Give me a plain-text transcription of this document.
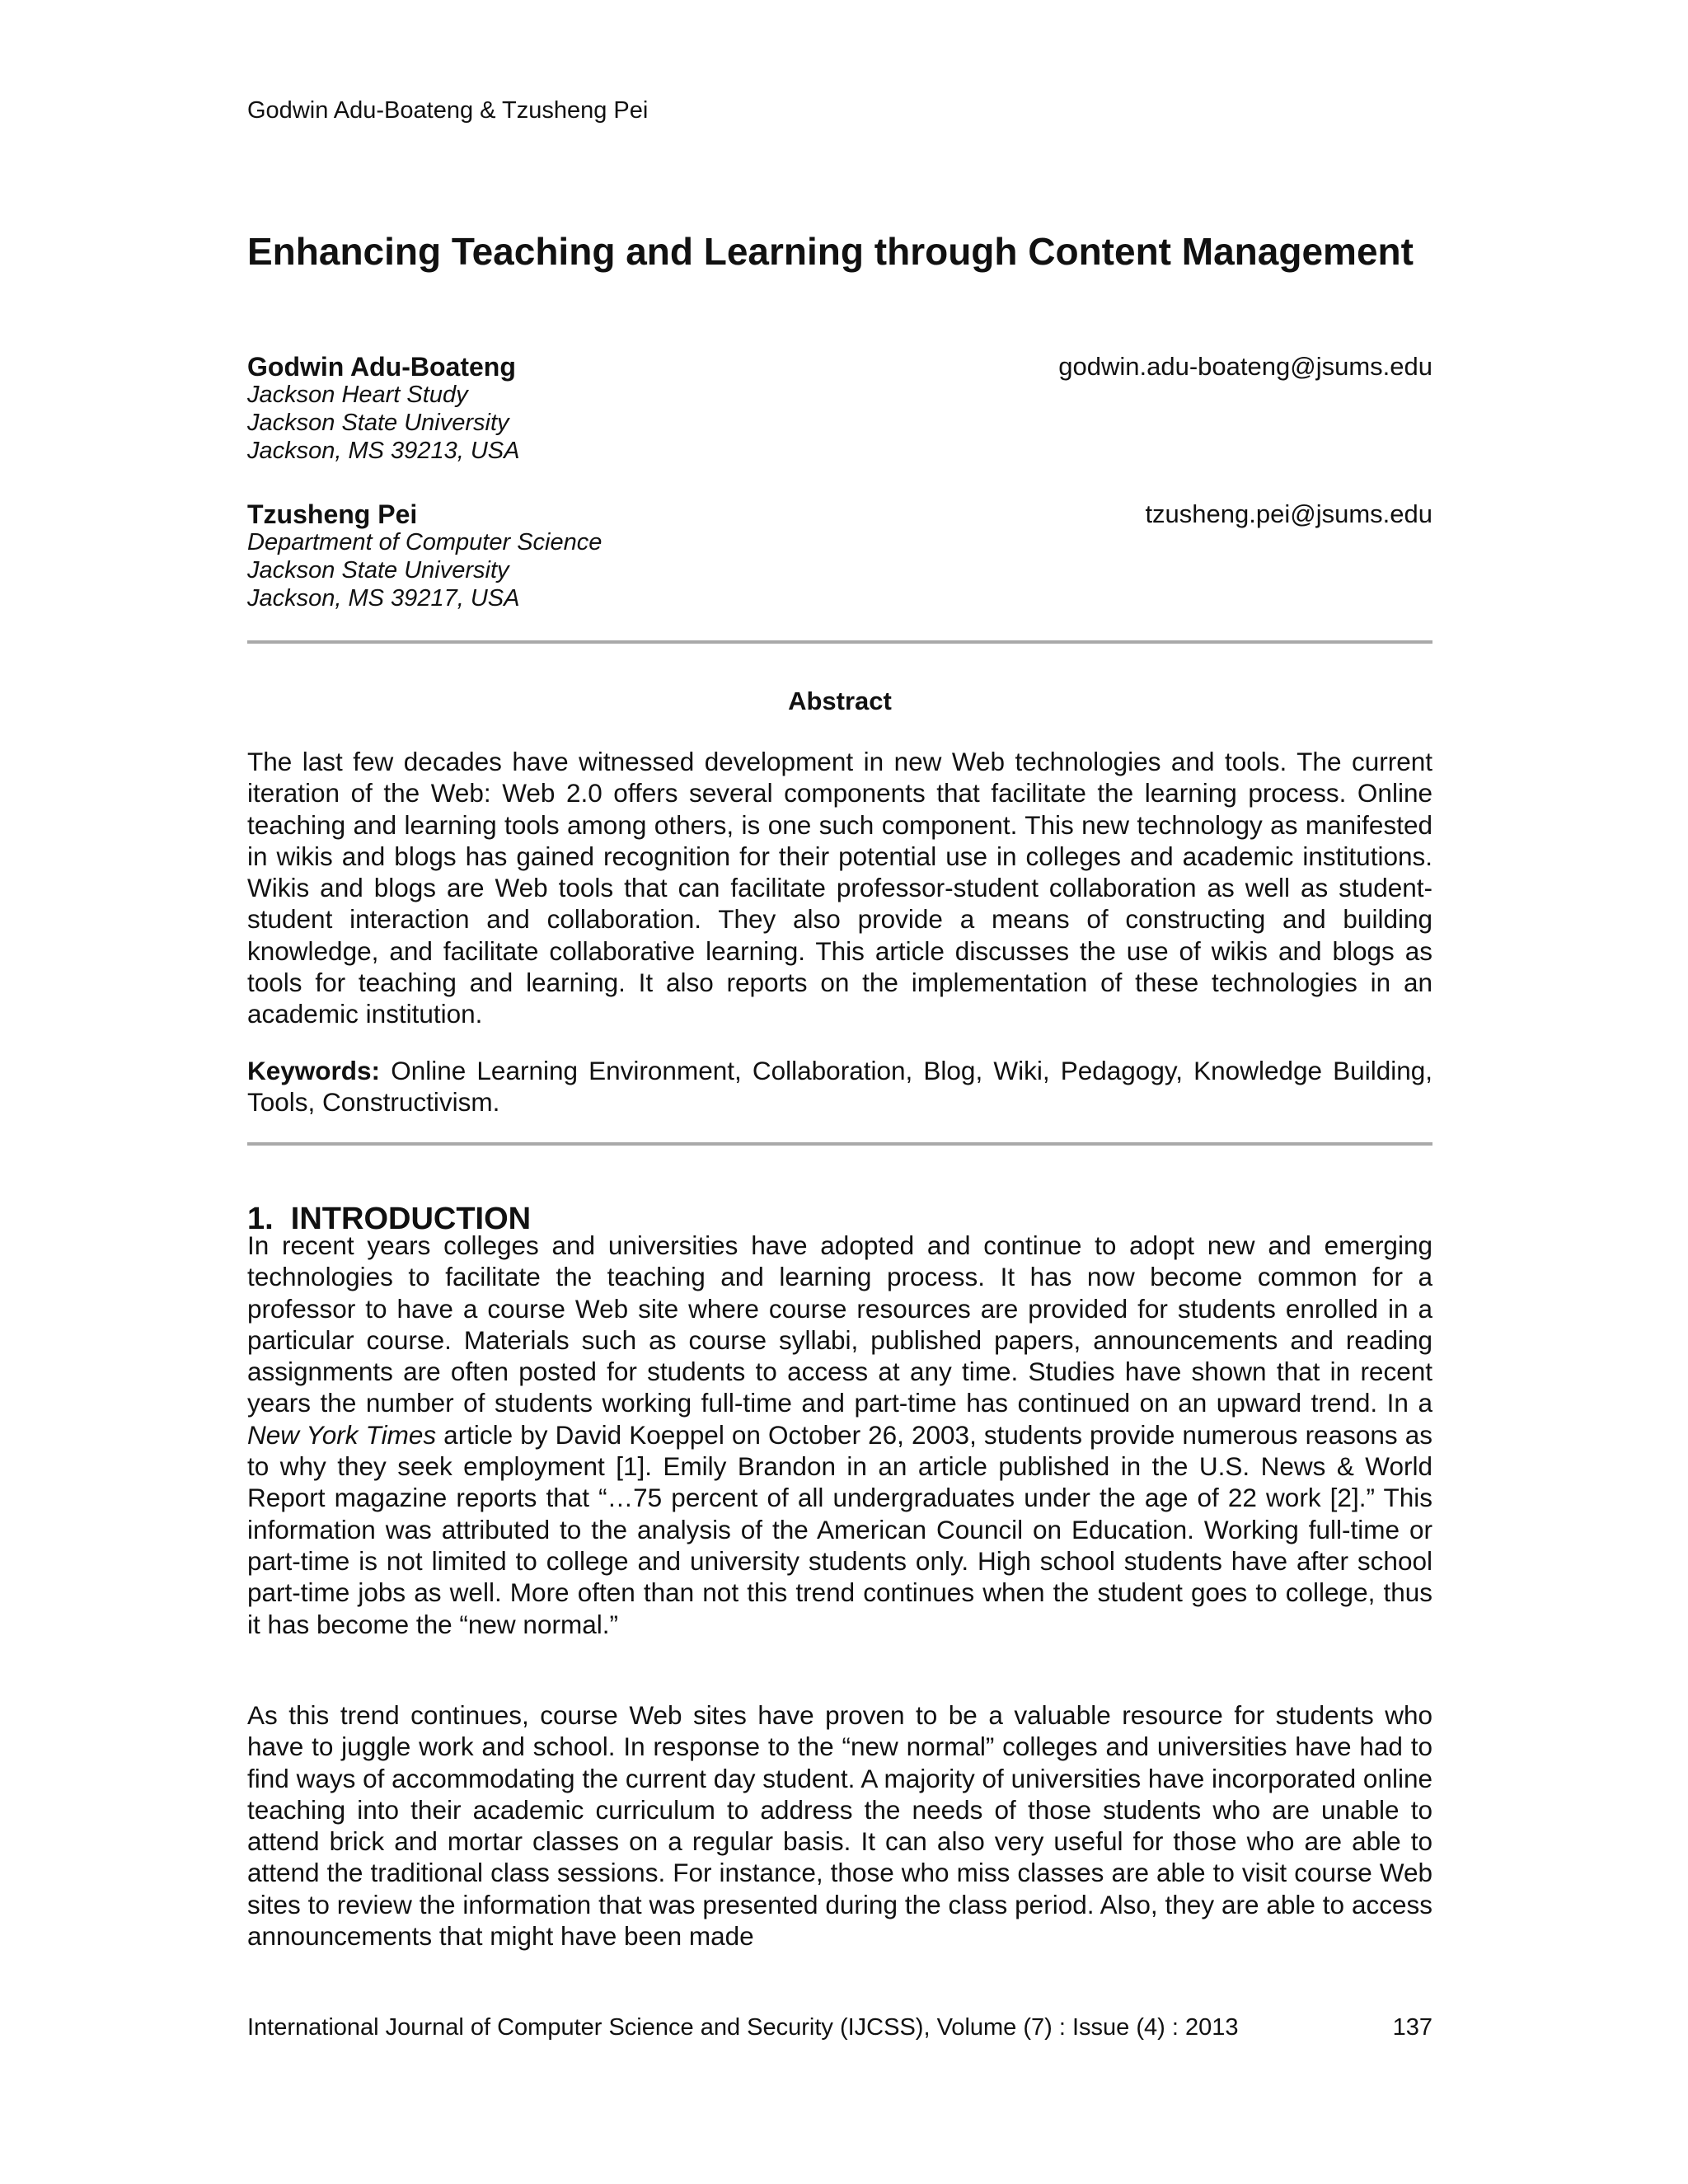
Godwin Adu-Boateng & Tzusheng Pei
Enhancing Teaching and Learning through Content Management
Godwin Adu-Boateng	godwin.adu-boateng@jsums.edu
Jackson Heart Study
Jackson State University
Jackson, MS 39213, USA
Tzusheng Pei	tzusheng.pei@jsums.edu
Department of Computer Science
Jackson State University
Jackson, MS 39217, USA
Abstract

The last few decades have witnessed development in new Web technologies and tools. The current iteration of the Web: Web 2.0 offers several components that facilitate the learning process. Online teaching and learning tools among others, is one such component. This new technology as manifested in wikis and blogs has gained recognition for their potential use in colleges and academic institutions. Wikis and blogs are Web tools that can facilitate professor-student collaboration as well as student-student interaction and collaboration. They also provide a means of constructing and building knowledge, and facilitate collaborative learning. This article discusses the use of wikis and blogs as tools for teaching and learning. It also reports on the implementation of these technologies in an academic institution.

Keywords: Online Learning Environment, Collaboration, Blog, Wiki, Pedagogy, Knowledge Building, Tools, Constructivism.

1.  INTRODUCTION

In recent years colleges and universities have adopted and continue to adopt new and emerging technologies to facilitate the teaching and learning process. It has now become common for a professor to have a course Web site where course resources are provided for students enrolled in a particular course. Materials such as course syllabi, published papers, announcements and reading assignments are often posted for students to access at any time. Studies have shown that in recent years the number of students working full-time and part-time has continued on an upward trend. In a New York Times article by David Koeppel on October 26, 2003, students provide numerous reasons as to why they seek employment [1]. Emily Brandon in an article published in the U.S. News & World Report magazine reports that “…75 percent of all undergraduates under the age of 22 work [2].” This information was attributed to the analysis of the American Council on Education. Working full-time or part-time is not limited to college and university students only. High school students have after school part-time jobs as well. More often than not this trend continues when the student goes to college, thus it has become the “new normal.”

As this trend continues, course Web sites have proven to be a valuable resource for students who have to juggle work and school. In response to the “new normal” colleges and universities have had to find ways of accommodating the current day student. A majority of universities have incorporated online teaching into their academic curriculum to address the needs of those students who are unable to attend brick and mortar classes on a regular basis. It can also very useful for those who are able to attend the traditional class sessions. For instance, those who miss classes are able to visit course Web sites to review the information that was presented during the class period. Also, they are able to access announcements that might have been made

International Journal of Computer Science and Security (IJCSS), Volume (7) : Issue (4) : 2013	137
